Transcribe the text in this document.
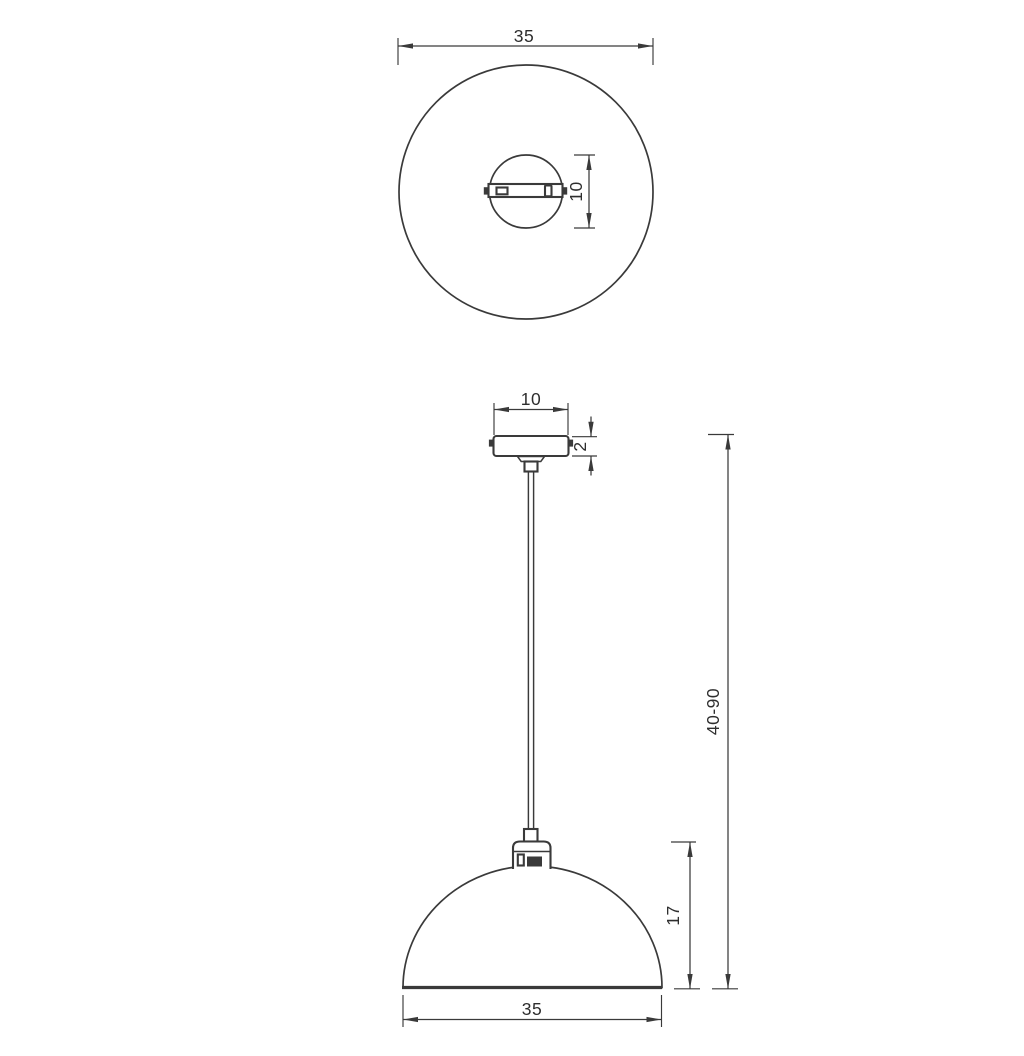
35
10
10
2
40-90
17
35
